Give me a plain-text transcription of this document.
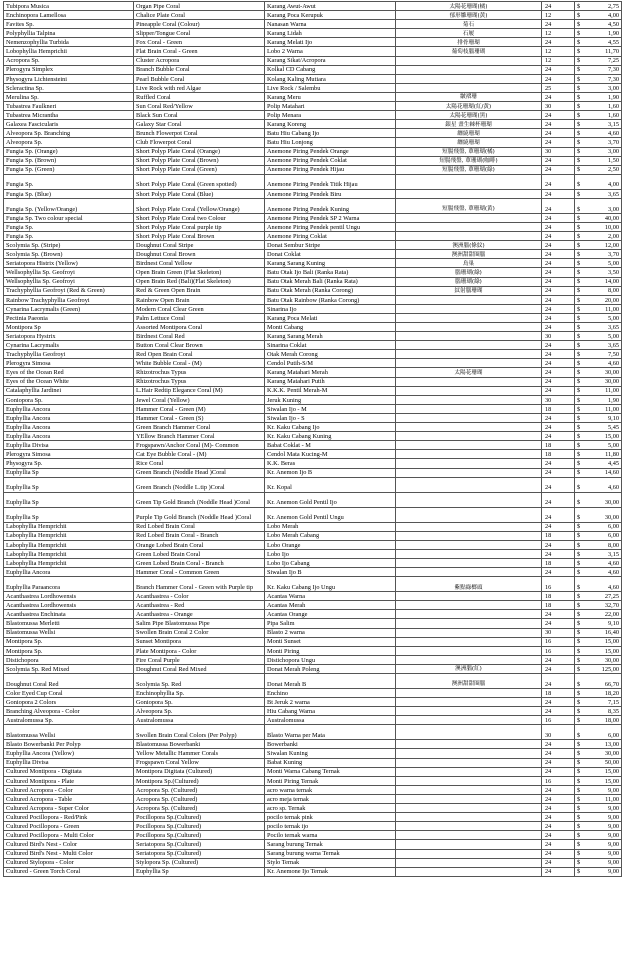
Tubipora Musica	Organ Pipe Coral	Karang Awut-Awut	太陽花珊瑚(橘)	24	$ 2,75
Enchinopora Lamellosa	Chalice Plate Coral	Karang Poca Kerupuk	郁形雛珊瑚(黃)	12	$ 4,00
Favites Sp.	Pineapple Coral (Colour)	Nanasan Warna	菊石	24	$ 4,50
Polyphyllia Talpina	Slipper/Tongue Coral	Karang Lidah	石履	12	$ 1,90
Nemenzophyllia Turbida	Fox Coral - Green	Karang Melati Ijo	排骨珊瑚	24	$ 4,55
Lobophyllia Hemprichii	Flat Brain Coral - Green	Lobo 2 Warna	葡萄枝腦珊瑚	12	$ 11,70
Acropora Sp.	Cluster Acropora	Karang Sikat/Acropora		12	$ 7,25
Plerogyra Simplex	Branch Bubble Coral	Kolkal CD Cabang		24	$ 7,30
Physogyra Lichtensteini	Pearl Bubble Coral	Kolang Kaling Mutiara		24	$ 7,30
Scleractina Sp.	Live Rock with red Algae	Live Rock / Salembu		25	$ 3,00
Merulina Sp.	Ruffled Coral	Karang Meru	皺褶珊	24	$ 1,90
Tubastrea Faulkneri	Sun Coral Red/Yellow	Polip Matahari	太陽花珊瑚(紅/黃)	30	$ 1,60
Tubastrea Micrantha	Black Sun Coral	Polip Menara	太陽花珊瑚(黑)	24	$ 1,60
Galaxea Fascicularis	Galaxy Star Coral	Karang Koreng	銀星 畫生棘杯珊瑚	24	$ 3,15
Alveopora Sp. Branching	Brunch Flowerpot Coral	Batu Hiu Cabang Ijo	纏繞珊瑚	24	$ 4,60
Alveopora Sp.	Club Flowerpot Coral	Batu Hiu Lonjong	纏繞珊瑚	24	$ 3,70
Fungia Sp. (Orange)	Short Polyp Plate Coral (Orange)	Anemone Piring Pendek Orange	短腸飛盤, 蕈珊瑚(橘)	30	$ 3,00
Fungia Sp. (Brown)	Short Polyp Plate Coral (Brown)	Anemone Piring Pendek Coklat	短腸飛盤, 蕈珊瑚(咖啡)	24	$ 1,50
Fungia Sp. (Green)	Short Polyp Plate Coral (Green)	Anemone Piring Pendek Hijau	短腸飛盤, 蕈珊瑚(綠)	24	$ 2,50
Fungia Sp.	Short Polyp Plate Coral (Green spotted)	Anemone Piring Pendek Titik Hijau		24	$ 4,00
Fungia Sp. (Blue)	Short Polyp Plate Coral (Blue)	Anemone Piring Pendek Biru		24	$ 3,65
Fungia Sp. (Yellow/Orange)	Short Polyp Plate Coral (Yellow/Orange)	Anemone Piring Pendek Kuning	短腸飛盤, 蕈珊瑚(黃)	24	$ 3,00
Fungia Sp. Two colour special	Short Polyp Plate Coral two Colour	Anemone Piring Pendek SP 2 Warna		24	$ 40,00
Fungia Sp.	Short Polyp Plate Coral purple tip	Anemone Piring Pendek pentil Ungu		24	$ 10,00
Fungia Sp.	Short Polyp Plate Coral Brown	Anemone Piring Coklat		24	$ 2,00
Scolymia Sp. (Stripe)	Doughnut Coral Stripe	Donat Sembur Stripe	澳洲腦(條紋)	24	$ 12,00
Scolymia Sp. (Brown)	Doughnut Coral Brown	Donat Coklat	澳洲甜甜圈腦	24	$ 3,70
Seriatopora Histrix (Yellow)	Birdnest Coral Yellow	Karang Sarang Kuning	鳥巢	24	$ 5,00
Wellsophyllia Sp. Geofroyi	Open Brain Green (Flat Skeleton)	Batu Otak Ijo Bali (Ranka Rata)	腦珊瑚(綠)	24	$ 3,50
Wellsophyllia Sp. Geofroyi	Open Brain Red (Bali)(Flat Skeleton)	Batu Otak Merah Bali (Ranka Rata)	腦珊瑚(綠)	24	$ 14,00
Trachyphyllia Geofroyi (Red & Green)	Red & Green Open Brain	Batu Otak Merah (Ranka Corong)	紋射腦珊瑚	24	$ 8,00
Rainbow Trachyphyllia Geofroyi	Rainbow Open Brain	Batu Otak Rainbow (Ranka Corong)		24	$ 20,00
Cynarina Lacrymalis (Green)	Modern Coral Clear Green	Sinarina Ijo		24	$ 11,00
Pectinia Paeonia	Palm Lettuce Coral	Karang Poca Melati		24	$ 5,00
Montipora Sp	Assorted Montipora Coral	Monti Cabang		24	$ 3,65
Seriatopora Hystrix	Birdnest Coral Red	Karang Sarang Merah		30	$ 5,00
Cynarina Lacrymalis	Button Coral Clear Brown	Sinarina Coklat		24	$ 3,65
Trachyphyllia Geofroyi	Red Open Brain Coral	Otak Merah Corong		24	$ 7,50
Plerogyra Simosa	White Bubble Coral - (M)	Cendol Putih-S/M		24	$ 4,60
Eyes of the Ocean Red	Rhizotrochus Typus	Karang Matahari Merah	太陽花珊瑚	24	$ 30,00
Eyes of the Ocean White	Rhizotrochus Typus	Karang Matahari Putih		24	$ 30,00
Catalaphyllia Jardinei	L.Hair Redtip Elegance Coral (M)	K.K.K. Pentil Merah-M		24	$ 11,00
Goniopora Sp.	Jewel Coral (Yellow)	Jeruk Kuning		30	$ 1,90
Euphyllia Ancora	Hammer Coral - Green (M)	Siwalan Ijo - M		18	$ 11,00
Euphyllia Ancora	Hammer Coral - Green (S)	Siwalan Ijo - S		24	$ 9,10
Euphyllia Ancora	Green Branch Hammer Coral	Kr. Kaku Cabang Ijo		24	$ 5,45
Euphyllia Ancora	YEllow Branch Hammer Coral	Kr. Kaku Cabang Kuning		24	$ 15,00
Euphyllia Divisa	Frogspawn/Anchor Coral (M)- Common	Babat Coklat - M		18	$ 5,00
Plerogyra Simosa	Cat Eye Bubble Coral - (M)	Cendol Mata Kucing-M		18	$ 11,80
Physogyra Sp.	Rice Coral	K.K. Beras		24	$ 4,45
Euphyllia Sp	Green Branch (Noddle Head )Coral	Kr. Anemon Ijo B		24	$ 14,60
Euphyllia Sp	Green Branch (Noddle L.tip )Coral	Kr. Kopal		24	$ 4,60
Euphyllia Sp	Green Tip Gold Branch (Noddle Head )Coral	Kr. Anemon Gold Pentil Ijo		24	$ 30,00
Euphyllia Sp	Purple Tip Gold Branch (Noddle Head )Coral	Kr. Anemon Gold Pentil Ungu		24	$ 30,00
Labophyllia Hemprichii	Red Lobed Brain Coral	Lobo Merah		24	$ 6,00
Labophyllia Hemprichii	Red Lobed Brain Coral - Branch	Lobo Merah Cabang		18	$ 6,00
Labophyllia Hemprichii	Orange Lobed Brain Coral	Lobo Orange		24	$ 8,00
Labophyllia Hemprichii	Green Lobed Brain Coral	Lobo Ijo		24	$ 3,15
Labophyllia Hemprichii	Green Lobed Brain Coral - Branch	Lobo Ijo Cabang		18	$ 4,60
Euphyllia Ancora	Hammer Coral - Common Green	Siwalan Ijo B		24	$ 4,60
Euphyllia Paraancora	Branch Hammer Coral - Green with Purple tip	Kr. Kaku Cabang Ijo Ungu	紫點綠榔頭	16	$ 4,60
Acanthastrea Lordhowensis	Acanthastrea - Color	Acantas Warna		18	$ 27,25
Acanthastrea Lordhowensis	Acanthastrea - Red	Acantas Merah		18	$ 32,70
Acanthastrea Enchinata	Acanthastrea - Orange	Acantas Orange		24	$ 22,00
Blastomussa Merletti	Salim Pipe Blastomussa Pipe	Pipa Salim		24	$ 9,10
Blastomussa Wellsi	Swollen Brain Coral 2 Color	Blasto 2 warna		30	$ 16,40
Montipora Sp.	Sunset Montipora	Monti Sunset		16	$ 15,00
Montipora Sp.	Plate Montipora - Color	Monti Piring		16	$ 15,00
Distichopora	Fire Coral Purple	Distichopora Ungu		24	$ 30,00
Scolymia Sp. Red Mixed	Doughnut Coral Red Mixed	Donat Merah Poleng	澳洲腦(紅)	24	$ 125,00
Doughnut Coral Red	Scolymia Sp. Red	Donat Merah B	澳洲甜甜圈腦	24	$ 66,70
Color Eyed Cup Coral	Enchinophyllia Sp.	Enchino		18	$ 18,20
Goniopora 2 Colors	Goniopora Sp.	Bt Jeruk 2 warna		24	$ 7,15
Branching Alveopora - Color	Alveopora Sp.	Hiu Cabang Warna		24	$ 8,35
Australomussa Sp.	Australomussa	Australomussa		16	$ 18,00
Blastomussa Wellsi	Swollen Brain Coral Colors (Per Polyp)	Blasto Warna per Mata		30	$ 6,00
Blasto Bowerbanki Per Polyp	Blastomussa Bowerbanki	Bowerbanki		24	$ 13,00
Euphyllia Ancora (Yellow)	Yellow Metallic Hammer Corals	Siwalan Kuning		24	$ 30,00
Euphyllia Divisa	Frogspawn Coral Yellow	Babat Kuning		24	$ 50,00
Cultured Montipora - Digitata	Montipora Digitata (Cultured)	Monti Warna Cabang Ternak		24	$ 15,00
Cultured Montipora - Plate	Montipora Sp.(Cultured)	Monti Piring Ternak		16	$ 15,00
Cultured Acropora - Color	Acropora Sp. (Cultured)	acro warna ternak		24	$ 9,00
Cultured Acropora - Table	Acropora Sp. (Cultured)	acro meja ternak		24	$ 11,00
Cultured Acropora - Super Color	Acropora Sp. (Cultured)	acro sp. Ternak		24	$ 9,00
Cultured Pocillopora - Red/Pink	Pocillopora Sp.(Cultured)	pocilo ternak pink		24	$ 9,00
Cultured Pocillopora - Green	Pocillopora Sp.(Cultured)	pocilo ternak ijo		24	$ 9,00
Cultured Pocillopora - Multi Color	Pocillopora Sp.(Cultured)	Pocilo ternak warna		24	$ 9,00
Cultured Bird's Nest - Color	Seriatopora Sp.(Cultured)	Sarang burung Ternak		24	$ 9,00
Cultured Bird's Nest - Multi Color	Seriatopora Sp.(Cultured)	Sarang burung warna Ternak		24	$ 9,00
Cultured Stylopora - Color	Stylopora Sp. (Cultured)	Stylo Ternak		24	$ 9,00
Cultured - Green Torch Coral	Euphyllia Sp	Kr. Anemone Ijo Ternak		24	$ 9,00
